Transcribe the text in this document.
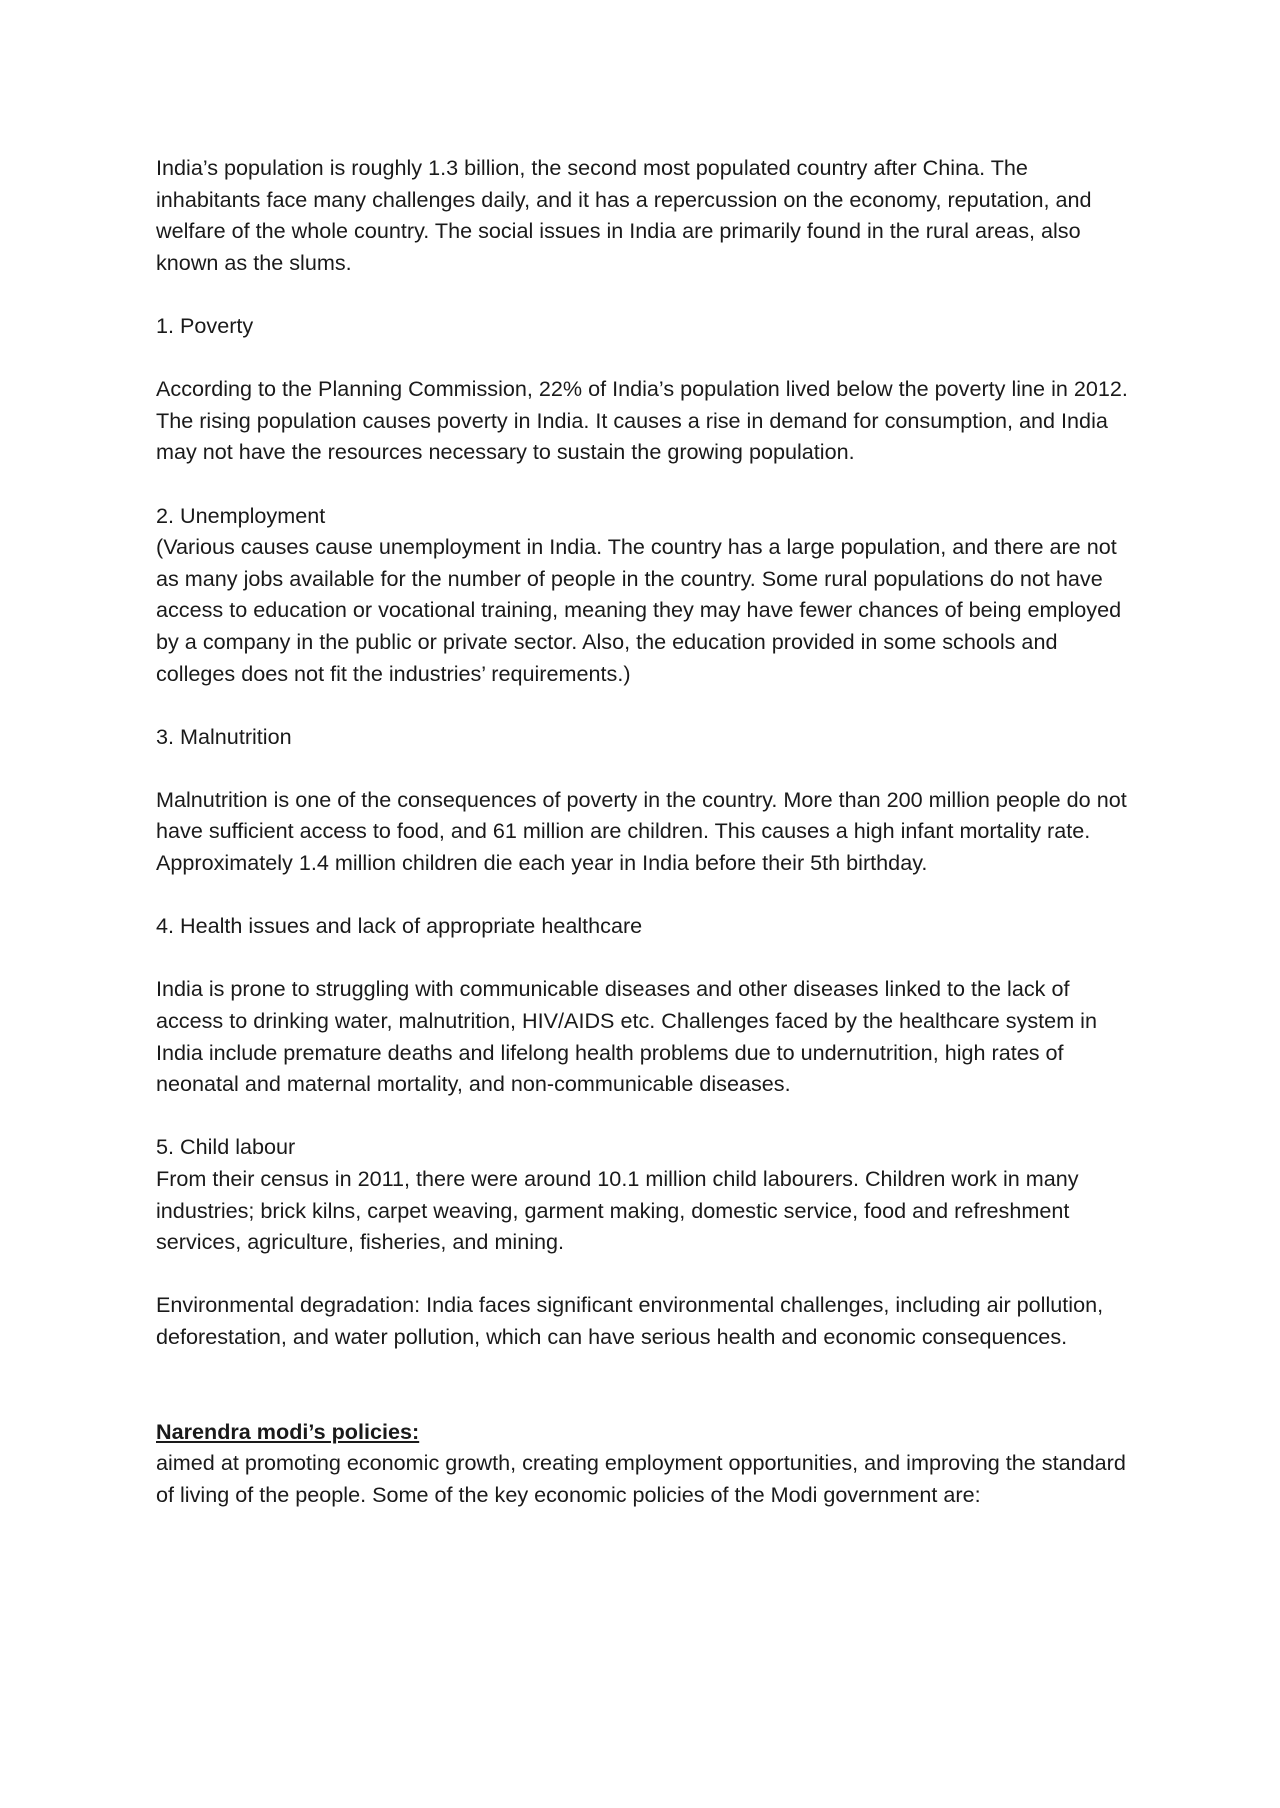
India’s population is roughly 1.3 billion, the second most populated country after China. The inhabitants face many challenges daily, and it has a repercussion on the economy, reputation, and welfare of the whole country. The social issues in India are primarily found in the rural areas, also known as the slums.

1. Poverty

According to the Planning Commission, 22% of India’s population lived below the poverty line in 2012. The rising population causes poverty in India. It causes a rise in demand for consumption, and India may not have the resources necessary to sustain the growing population.

2. Unemployment

(Various causes cause unemployment in India. The country has a large population, and there are not as many jobs available for the number of people in the country. Some rural populations do not have access to education or vocational training, meaning they may have fewer chances of being employed by a company in the public or private sector. Also, the education provided in some schools and colleges does not fit the industries’ requirements.)

3. Malnutrition

Malnutrition is one of the consequences of poverty in the country. More than 200 million people do not have sufficient access to food, and 61 million are children. This causes a high infant mortality rate. Approximately 1.4 million children die each year in India before their 5th birthday.

4. Health issues and lack of appropriate healthcare

India is prone to struggling with communicable diseases and other diseases linked to the lack of access to drinking water, malnutrition, HIV/AIDS etc. Challenges faced by the healthcare system in India include premature deaths and lifelong health problems due to undernutrition, high rates of neonatal and maternal mortality, and non-communicable diseases.

5. Child labour

From their census in 2011, there were around 10.1 million child labourers. Children work in many industries; brick kilns, carpet weaving, garment making, domestic service, food and refreshment services, agriculture, fisheries, and mining.

Environmental degradation: India faces significant environmental challenges, including air pollution, deforestation, and water pollution, which can have serious health and economic consequences.

Narendra modi’s policies:

aimed at promoting economic growth, creating employment opportunities, and improving the standard of living of the people. Some of the key economic policies of the Modi government are:
